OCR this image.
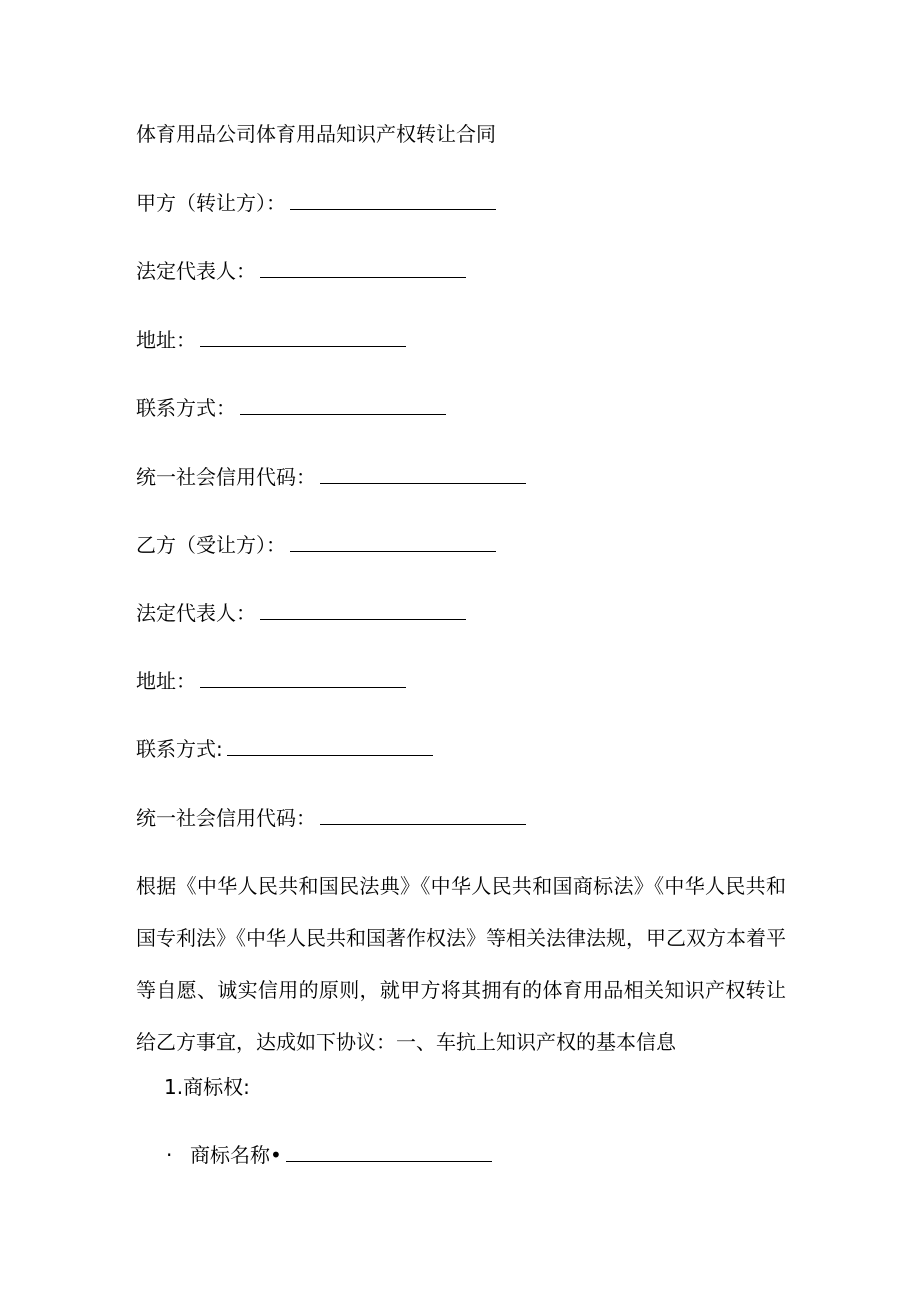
体育用品公司体育用品知识产权转让合同
甲方（转让方）：
法定代表人：
地址：
联系方式：
统一社会信用代码：
乙方（受让方）：
法定代表人：
地址：
联系方式:
统一社会信用代码：
根据《中华人民共和国民法典》《中华人民共和国商标法》《中华人民共和国专利法》《中华人民共和国著作权法》等相关法律法规，甲乙双方本着平等自愿、诚实信用的原则，就甲方将其拥有的体育用品相关知识产权转让给乙方事宜，达成如下协议：一、车抗上知识产权的基本信息
1.商标权:
· 商标名称•
